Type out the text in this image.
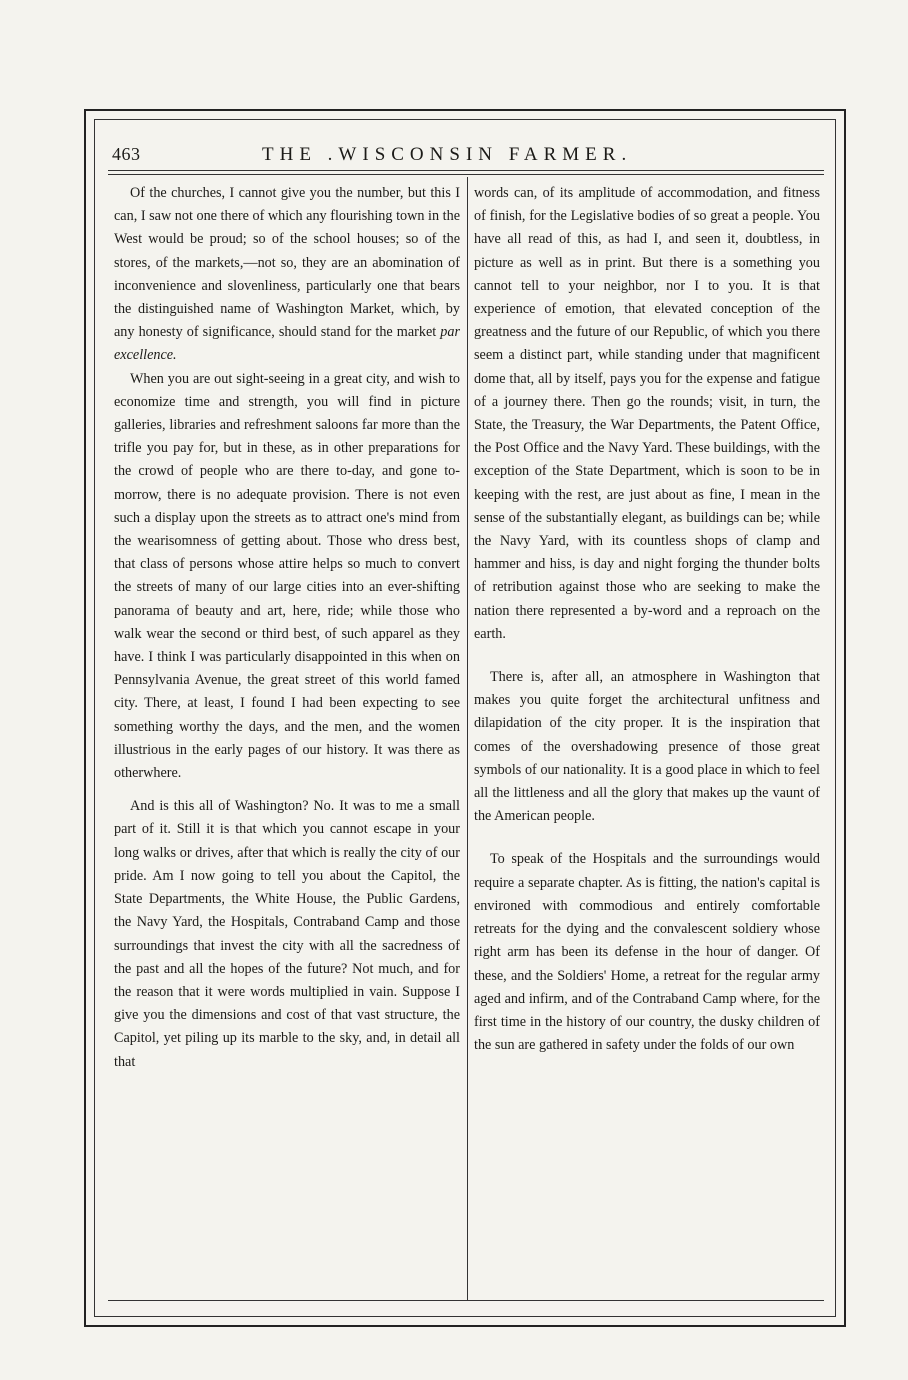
463	THE .WISCONSIN FARMER.

Of the churches, I cannot give you the number, but this I can, I saw not one there of which any flourishing town in the West would be proud; so of the school houses; so of the stores, of the markets,—not so, they are an abomination of inconvenience and slovenliness, particularly one that bears the distinguished name of Washington Market, which, by any honesty of significance, should stand for the market par excellence.

When you are out sight-seeing in a great city, and wish to economize time and strength, you will find in picture galleries, libraries and refreshment saloons far more than the trifle you pay for, but in these, as in other preparations for the crowd of people who are there to-day, and gone to-morrow, there is no adequate provision. There is not even such a display upon the streets as to attract one's mind from the wearisomness of getting about. Those who dress best, that class of persons whose attire helps so much to convert the streets of many of our large cities into an ever-shifting panorama of beauty and art, here, ride; while those who walk wear the second or third best, of such apparel as they have. I think I was particularly disappointed in this when on Pennsylvania Avenue, the great street of this world famed city. There, at least, I found I had been expecting to see something worthy the days, and the men, and the women illustrious in the early pages of our history. It was there as otherwhere.

And is this all of Washington? No. It was to me a small part of it. Still it is that which you cannot escape in your long walks or drives, after that which is really the city of our pride. Am I now going to tell you about the Capitol, the State Departments, the White House, the Public Gardens, the Navy Yard, the Hospitals, Contraband Camp and those surroundings that invest the city with all the sacredness of the past and all the hopes of the future? Not much, and for the reason that it were words multiplied in vain. Suppose I give you the dimensions and cost of that vast structure, the Capitol, yet piling up its marble to the sky, and, in detail all that

words can, of its amplitude of accommodation, and fitness of finish, for the Legislative bodies of so great a people. You have all read of this, as had I, and seen it, doubtless, in picture as well as in print. But there is a something you cannot tell to your neighbor, nor I to you. It is that experience of emotion, that elevated conception of the greatness and the future of our Republic, of which you there seem a distinct part, while standing under that magnificent dome that, all by itself, pays you for the expense and fatigue of a journey there. Then go the rounds; visit, in turn, the State, the Treasury, the War Departments, the Patent Office, the Post Office and the Navy Yard. These buildings, with the exception of the State Department, which is soon to be in keeping with the rest, are just about as fine, I mean in the sense of the substantially elegant, as buildings can be; while the Navy Yard, with its countless shops of clamp and hammer and hiss, is day and night forging the thunder bolts of retribution against those who are seeking to make the nation there represented a by-word and a reproach on the earth.

There is, after all, an atmosphere in Washington that makes you quite forget the architectural unfitness and dilapidation of the city proper. It is the inspiration that comes of the overshadowing presence of those great symbols of our nationality. It is a good place in which to feel all the littleness and all the glory that makes up the vaunt of the American people.

To speak of the Hospitals and the surroundings would require a separate chapter. As is fitting, the nation's capital is environed with commodious and entirely comfortable retreats for the dying and the convalescent soldiery whose right arm has been its defense in the hour of danger. Of these, and the Soldiers' Home, a retreat for the regular army aged and infirm, and of the Contraband Camp where, for the first time in the history of our country, the dusky children of the sun are gathered in safety under the folds of our own
